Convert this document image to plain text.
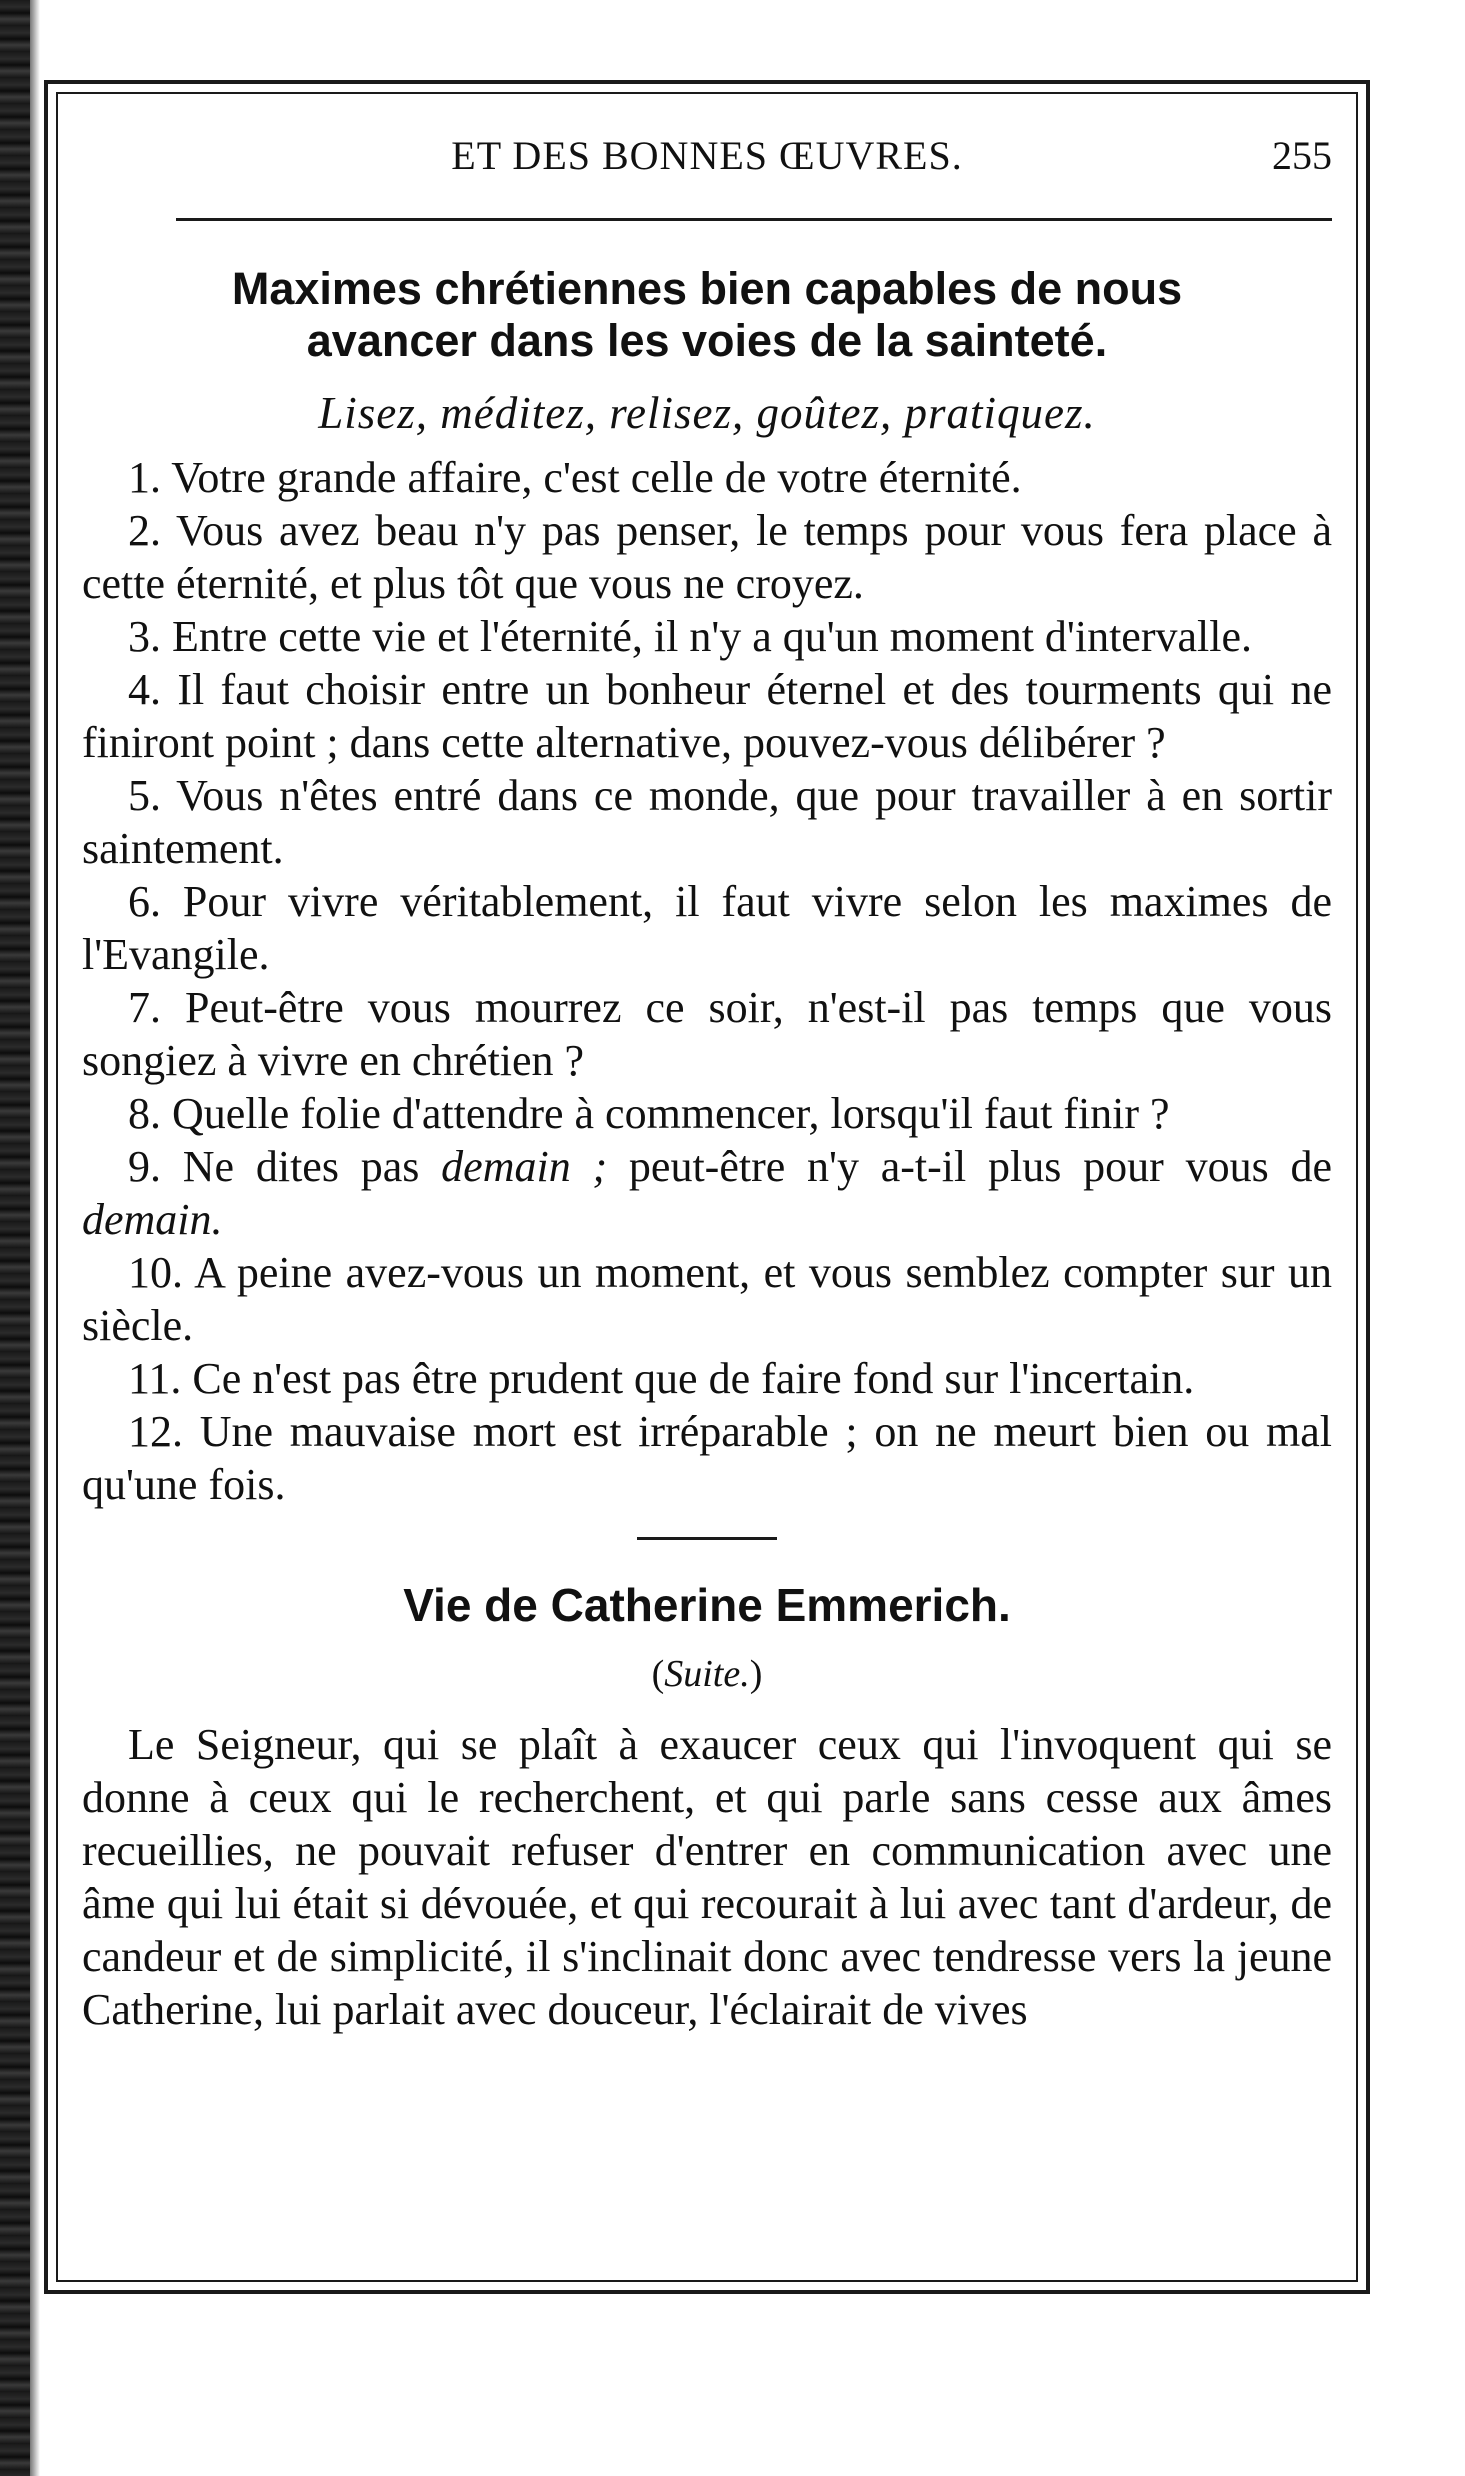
ET DES BONNES ŒUVRES.	255
Maximes chrétiennes bien capables de nous
avancer dans les voies de la sainteté.
Lisez, méditez, relisez, goûtez, pratiquez.
1. Votre grande affaire, c'est celle de votre éternité.
2. Vous avez beau n'y pas penser, le temps pour vous fera place à cette éternité, et plus tôt que vous ne croyez.
3. Entre cette vie et l'éternité, il n'y a qu'un moment d'intervalle.
4. Il faut choisir entre un bonheur éternel et des tourments qui ne finiront point ; dans cette alternative, pouvez-vous délibérer ?
5. Vous n'êtes entré dans ce monde, que pour travailler à en sortir saintement.
6. Pour vivre véritablement, il faut vivre selon les maximes de l'Evangile.
7. Peut-être vous mourrez ce soir, n'est-il pas temps que vous songiez à vivre en chrétien ?
8. Quelle folie d'attendre à commencer, lorsqu'il faut finir ?
9. Ne dites pas demain ; peut-être n'y a-t-il plus pour vous de demain.
10. A peine avez-vous un moment, et vous semblez compter sur un siècle.
11. Ce n'est pas être prudent que de faire fond sur l'incertain.
12. Une mauvaise mort est irréparable ; on ne meurt bien ou mal qu'une fois.
Vie de Catherine Emmerich.
(Suite.)

Le Seigneur, qui se plaît à exaucer ceux qui l'invoquent qui se donne à ceux qui le recherchent, et qui parle sans cesse aux âmes recueillies, ne pouvait refuser d'entrer en communication avec une âme qui lui était si dévouée, et qui recourait à lui avec tant d'ardeur, de candeur et de simplicité, il s'inclinait donc avec tendresse vers la jeune Catherine, lui parlait avec douceur, l'éclairait de vives
